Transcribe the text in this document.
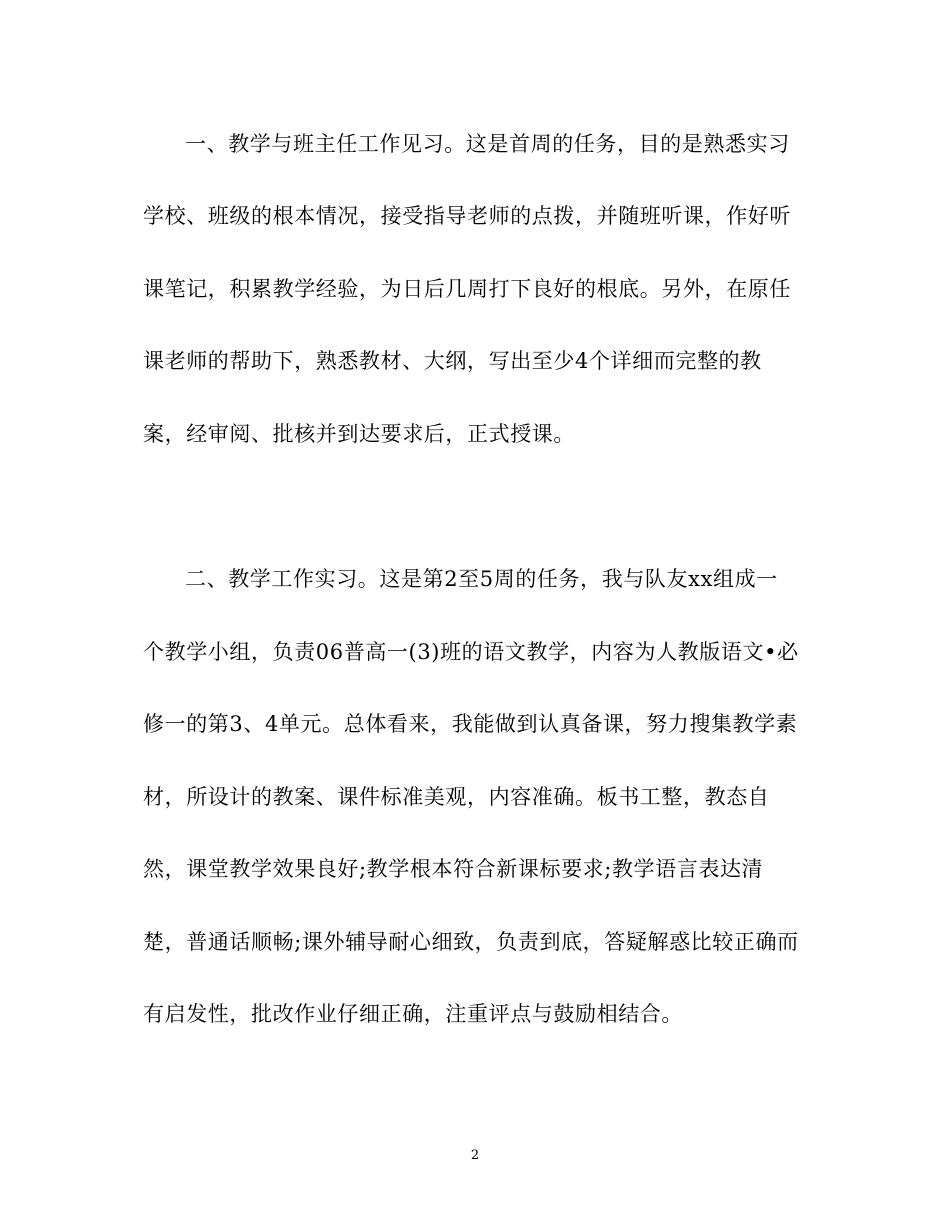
一、教学与班主任工作见习。这是首周的任务，目的是熟悉实习
学校、班级的根本情况，接受指导老师的点拨，并随班听课，作好听
课笔记，积累教学经验，为日后几周打下良好的根底。另外，在原任
课老师的帮助下，熟悉教材、大纲，写出至少4个详细而完整的教
案，经审阅、批核并到达要求后，正式授课。
二、教学工作实习。这是第2至5周的任务，我与队友xx组成一
个教学小组，负责06普高一(3)班的语文教学，内容为人教版语文•必
修一的第3、4单元。总体看来，我能做到认真备课，努力搜集教学素
材，所设计的教案、课件标准美观，内容准确。板书工整，教态自
然，课堂教学效果良好;教学根本符合新课标要求;教学语言表达清
楚，普通话顺畅;课外辅导耐心细致，负责到底，答疑解惑比较正确而
有启发性，批改作业仔细正确，注重评点与鼓励相结合。
2
